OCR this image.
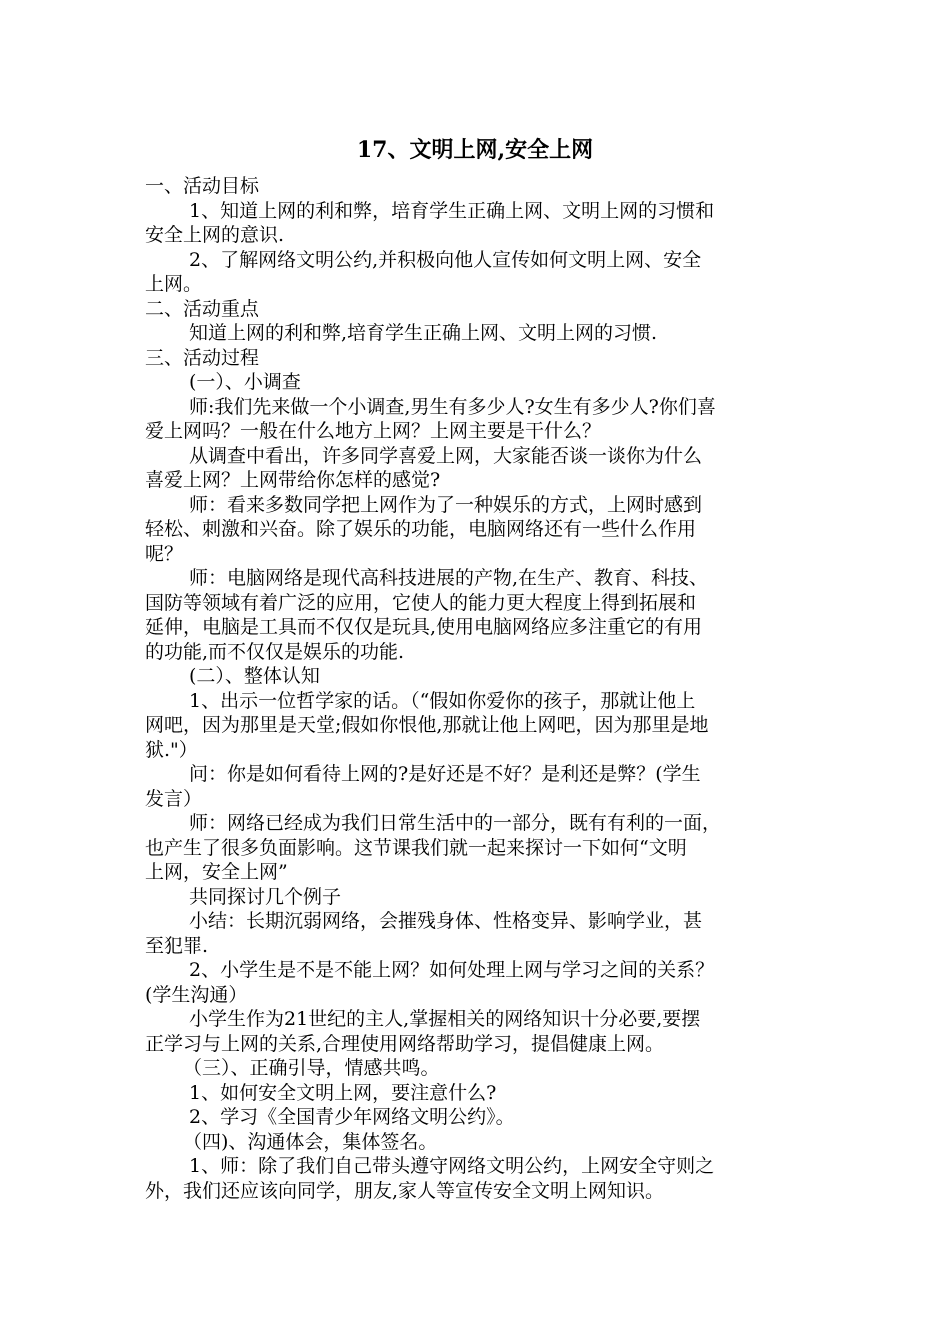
17、文明上网,安全上网
一、活动目标
1、知道上网的利和弊，培育学生正确上网、文明上网的习惯和
安全上网的意识.
2、了解网络文明公约,并积极向他人宣传如何文明上网、安全
上网。
二、活动重点
知道上网的利和弊,培育学生正确上网、文明上网的习惯.
三、活动过程
(一）、小调查
师:我们先来做一个小调查,男生有多少人?女生有多少人?你们喜
爱上网吗？一般在什么地方上网？上网主要是干什么？
从调查中看出，许多同学喜爱上网，大家能否谈一谈你为什么
喜爱上网？上网带给你怎样的感觉?
师：看来多数同学把上网作为了一种娱乐的方式，上网时感到
轻松、刺激和兴奋。除了娱乐的功能，电脑网络还有一些什么作用
呢？
师：电脑网络是现代高科技进展的产物,在生产、教育、科技、
国防等领域有着广泛的应用，它使人的能力更大程度上得到拓展和
延伸，电脑是工具而不仅仅是玩具,使用电脑网络应多注重它的有用
的功能,而不仅仅是娱乐的功能.
(二）、整体认知
1、出示一位哲学家的话。（“假如你爱你的孩子，那就让他上
网吧，因为那里是天堂;假如你恨他,那就让他上网吧，因为那里是地
狱."）
问：你是如何看待上网的?是好还是不好？是利还是弊？(学生
发言）
师：网络已经成为我们日常生活中的一部分，既有有利的一面，
也产生了很多负面影响。这节课我们就一起来探讨一下如何“文明
上网，安全上网”
共同探讨几个例子
小结：长期沉弱网络，会摧残身体、性格变异、影响学业，甚
至犯罪.
2、小学生是不是不能上网？如何处理上网与学习之间的关系？
(学生沟通）
小学生作为21世纪的主人,掌握相关的网络知识十分必要,要摆
正学习与上网的关系,合理使用网络帮助学习，提倡健康上网。
（三）、正确引导，情感共鸣。
1、如何安全文明上网，要注意什么?
2、学习《全国青少年网络文明公约》。
（四)、沟通体会，集体签名。
1、师：除了我们自己带头遵守网络文明公约，上网安全守则之
外，我们还应该向同学，朋友,家人等宣传安全文明上网知识。
